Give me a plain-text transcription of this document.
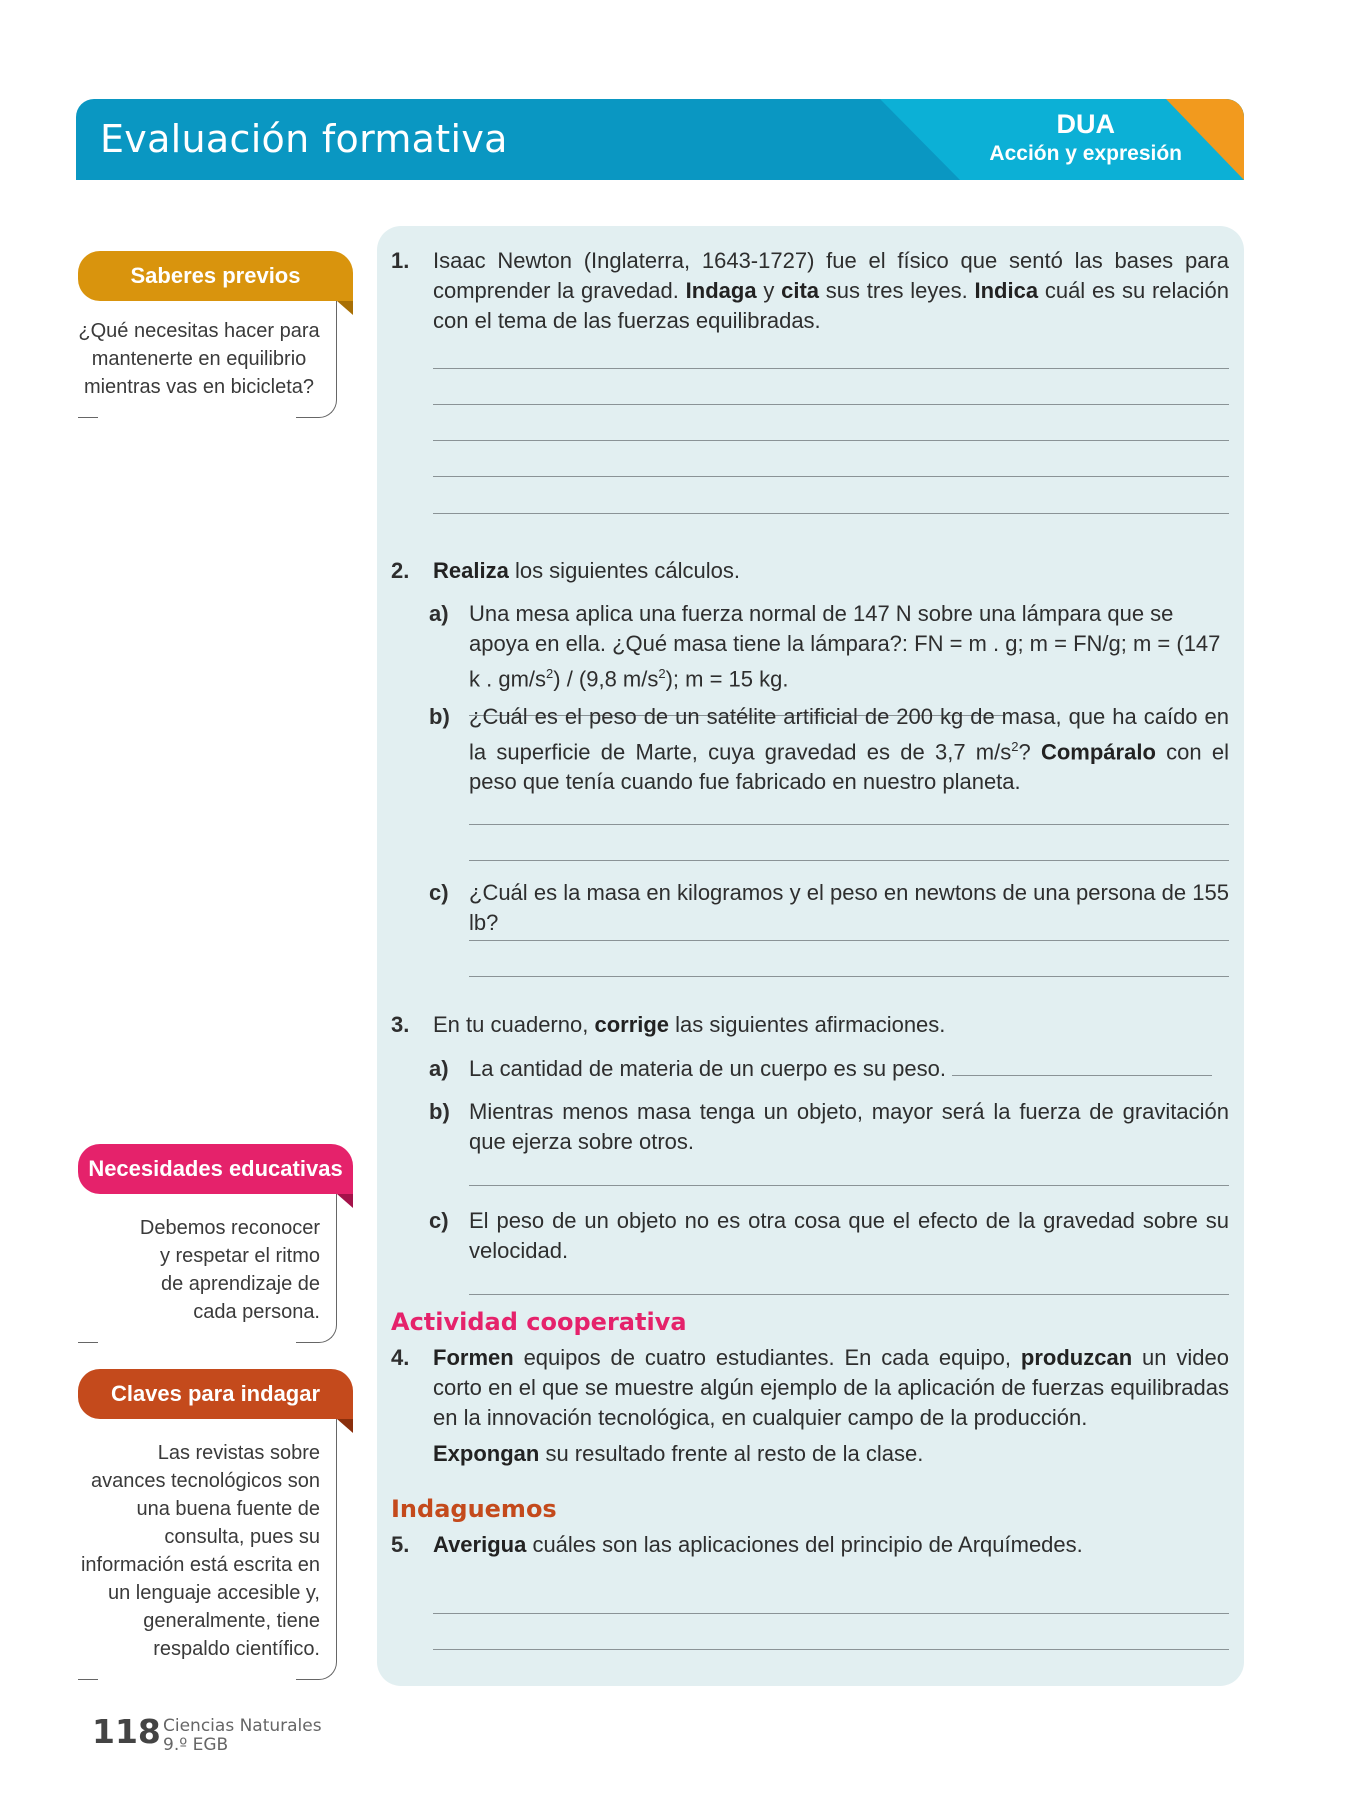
Evaluación formativa	DUA
Acción y expresión
Saberes previos
¿Qué necesitas hacer para mantenerte en equilibrio mientras vas en bicicleta?
Necesidades educativas
Debemos reconocer y respetar el ritmo de aprendizaje de cada persona.
Claves para indagar
Las revistas sobre avances tecnológicos son una buena fuente de consulta, pues su información está escrita en un lenguaje accesible y, generalmente, tiene respaldo científico.
1. Isaac Newton (Inglaterra, 1643-1727) fue el físico que sentó las bases para comprender la gravedad. Indaga y cita sus tres leyes. Indica cuál es su relación con el tema de las fuerzas equilibradas.
2. Realiza los siguientes cálculos.
a) Una mesa aplica una fuerza normal de 147 N sobre una lámpara que se apoya en ella. ¿Qué masa tiene la lámpara?: FN = m . g; m = FN/g; m = (147 k . $gm/s^2) / (9,8$ $m/s^2$); m = 15 kg.
b) ¿Cuál es el peso de un satélite artificial de 200 kg de masa, que ha caído en la superficie de Marte, cuya gravedad es de 3,7 $m/s^2$? Compáralo con el peso que tenía cuando fue fabricado en nuestro planeta.
c) ¿Cuál es la masa en kilogramos y el peso en newtons de una persona de 155 lb?
3. En tu cuaderno, corrige las siguientes afirmaciones.
a) La cantidad de materia de un cuerpo es su peso.
b) Mientras menos masa tenga un objeto, mayor será la fuerza de gravitación que ejerza sobre otros.
c) El peso de un objeto no es otra cosa que el efecto de la gravedad sobre su velocidad.
Actividad cooperativa
4. Formen equipos de cuatro estudiantes. En cada equipo, produzcan un video corto en el que se muestre algún ejemplo de la aplicación de fuerzas equilibradas en la innovación tecnológica, en cualquier campo de la producción.
Expongan su resultado frente al resto de la clase.
Indaguemos
5. Averigua cuáles son las aplicaciones del principio de Arquímedes.
118 Ciencias Naturales
9.º EGB
